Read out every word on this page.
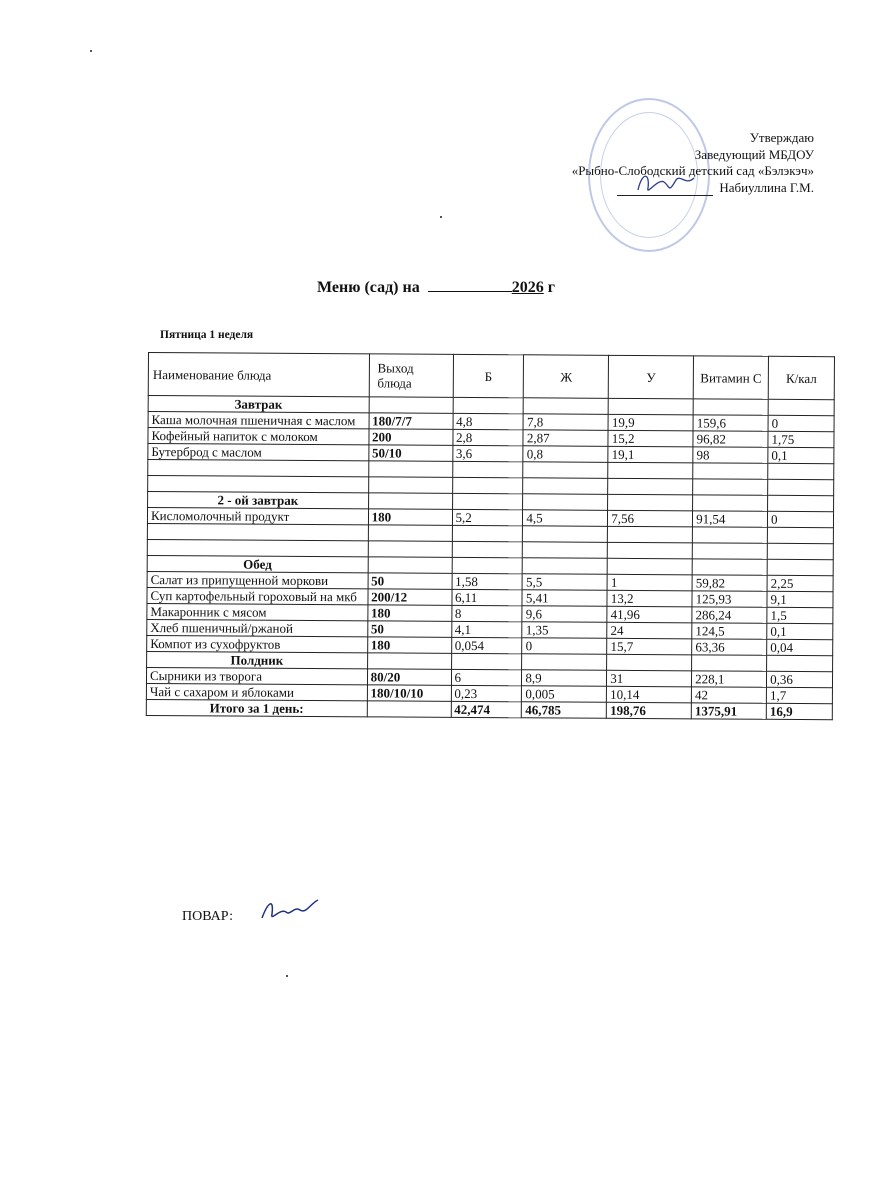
Утверждаю
Заведующий МБДОУ
«Рыбно-Слободский детский сад «Бэлэкэч»
Набиуллина Г.М.
Меню (сад) на	2026 г
Пятница 1 неделя
Наименование блюда	Выход блюда	Б	Ж	У	Витамин С	К/кал
Завтрак						
Каша молочная пшеничная с маслом	180/7/7	4,8	7,8	19,9	159,6	0
Кофейный напиток с молоком	200	2,8	2,87	15,2	96,82	1,75
Бутерброд с маслом	50/10	3,6	0,8	19,1	98	0,1

2 - ой завтрак						
Кисломолочный продукт	180	5,2	4,5	7,56	91,54	0

Обед						
Салат из припущенной моркови	50	1,58	5,5	1	59,82	2,25
Суп картофельный гороховый на мкб	200/12	6,11	5,41	13,2	125,93	9,1
Макаронник с мясом	180	8	9,6	41,96	286,24	1,5
Хлеб пшеничный/ржаной	50	4,1	1,35	24	124,5	0,1
Компот из сухофруктов	180	0,054	0	15,7	63,36	0,04
Полдник						
Сырники из творога	80/20	6	8,9	31	228,1	0,36
Чай с сахаром и яблоками	180/10/10	0,23	0,005	10,14	42	1,7
Итого за 1 день:		42,474	46,785	198,76	1375,91	16,9
ПОВАР:
